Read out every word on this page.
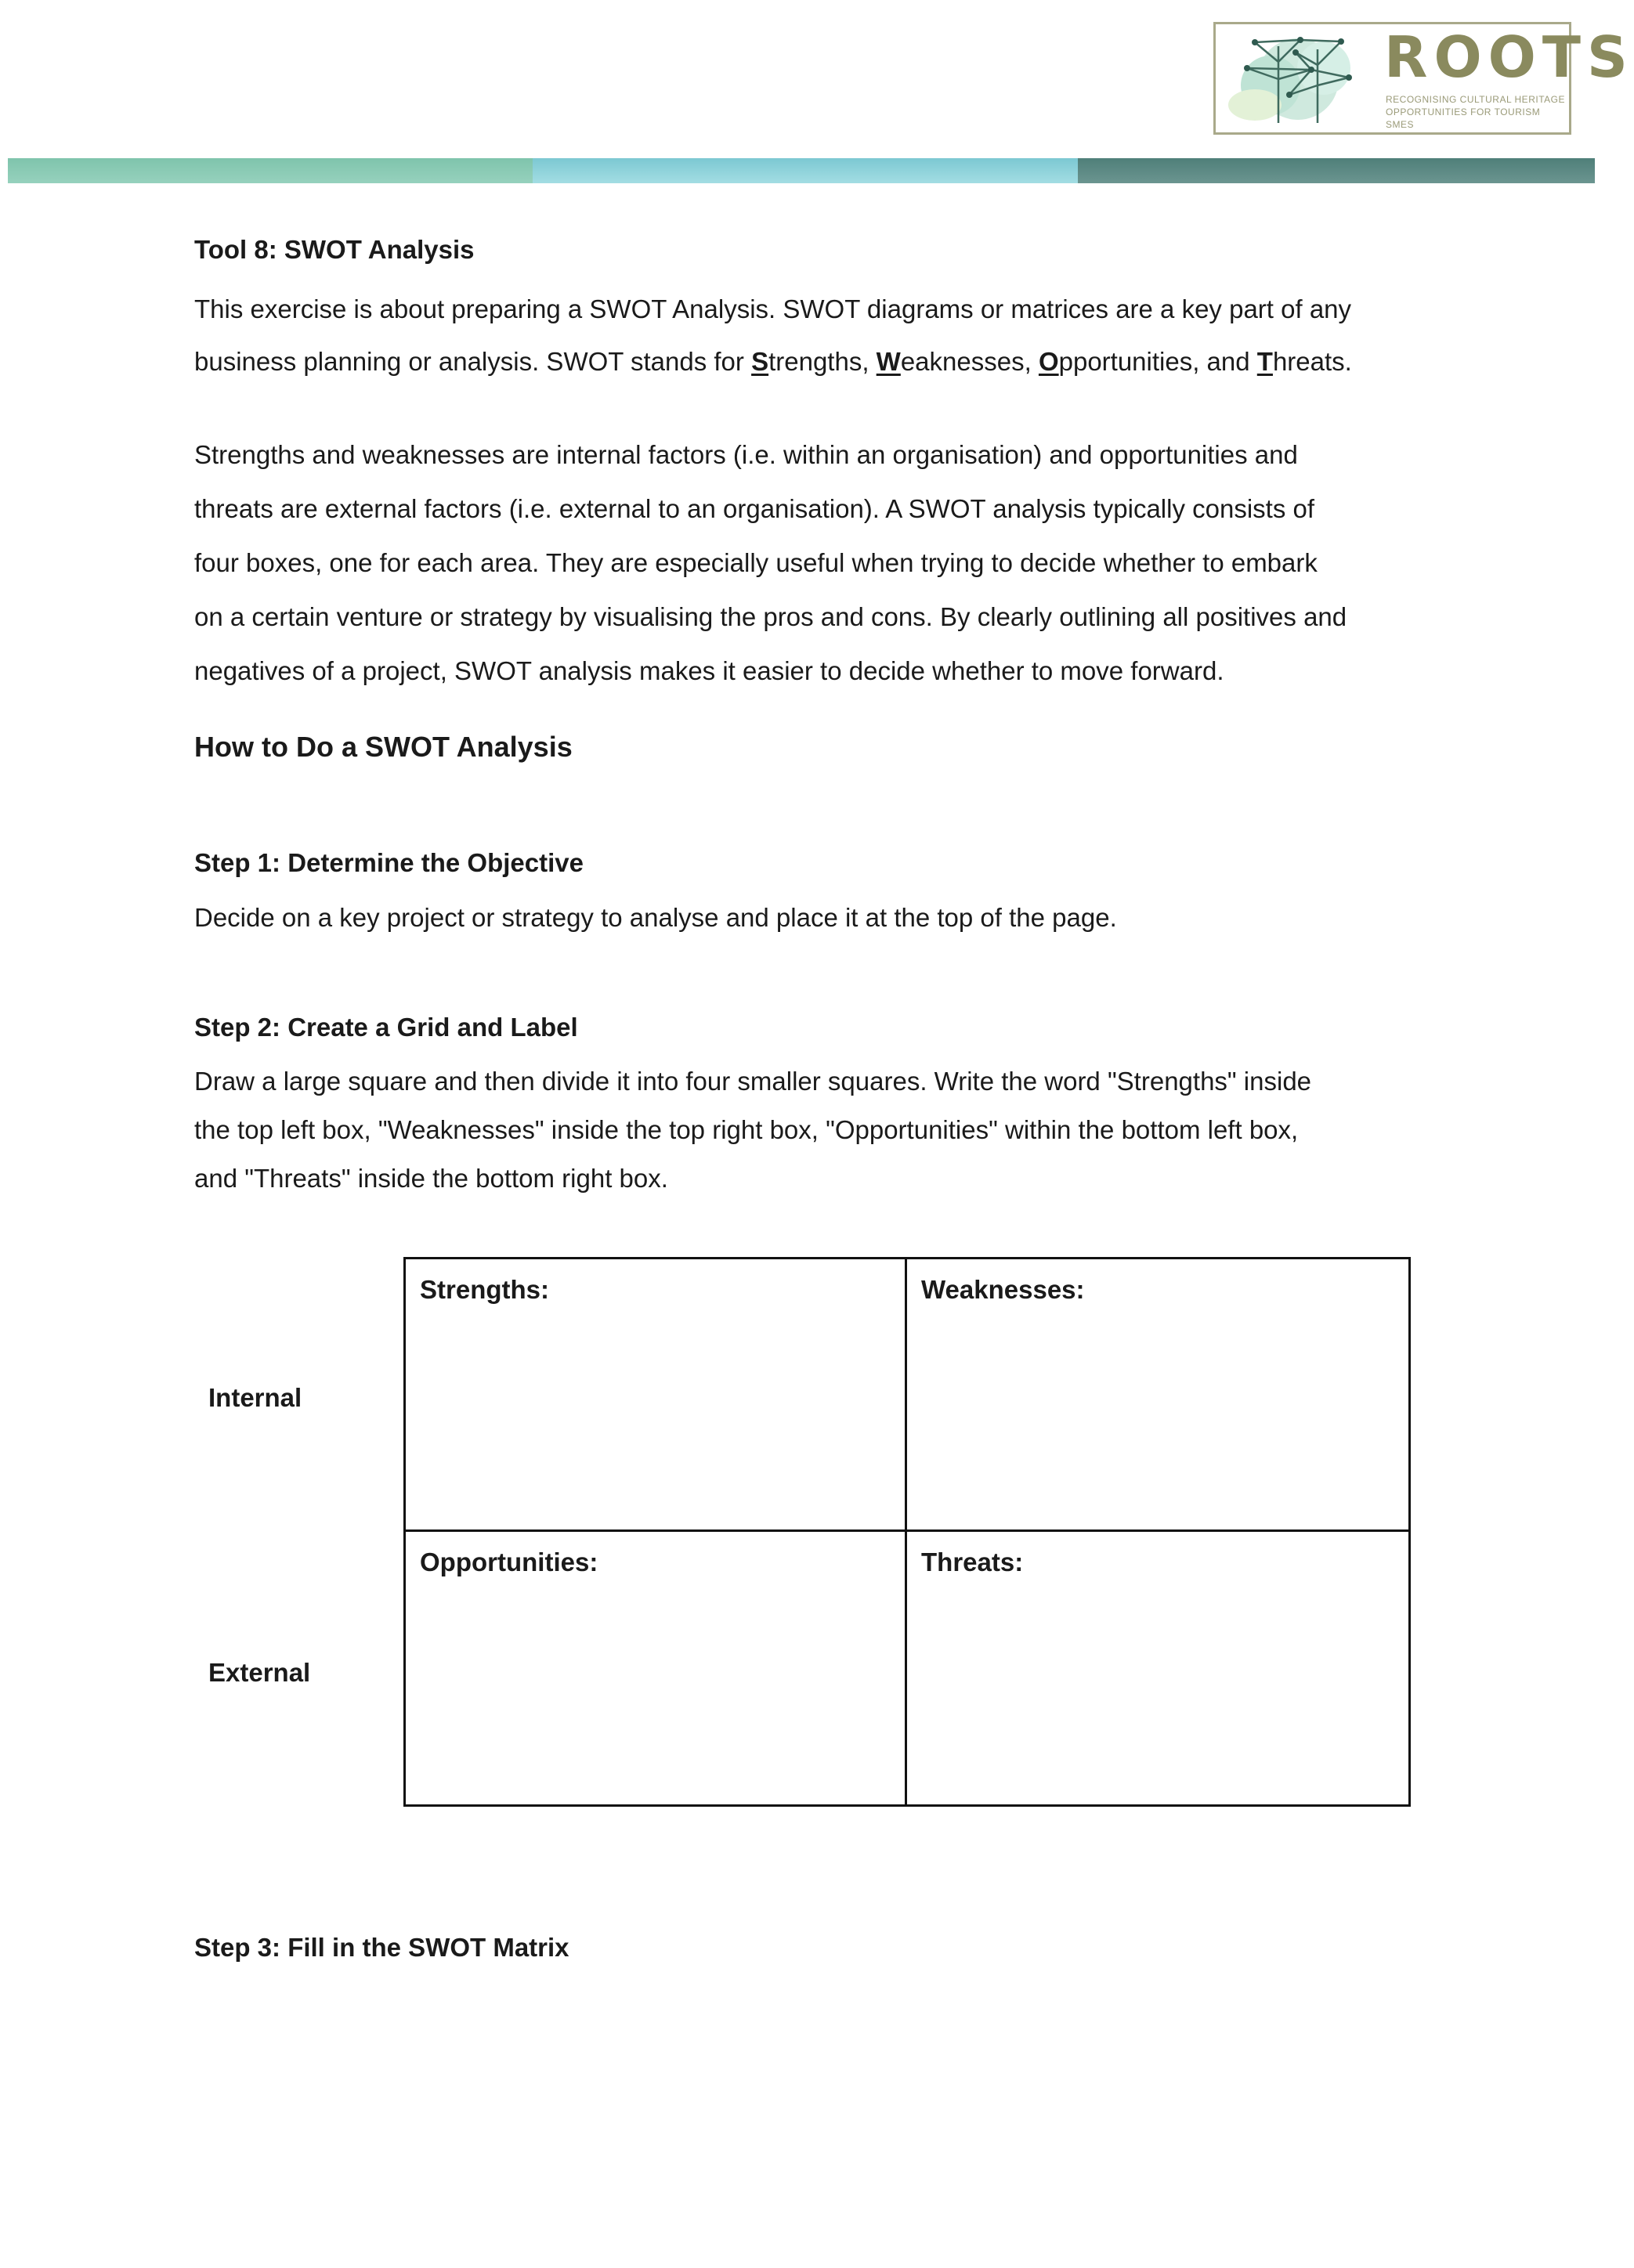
ROOTS
RECOGNISING CULTURAL HERITAGE OPPORTUNITIES FOR TOURISM SMES

Tool 8: SWOT Analysis

This exercise is about preparing a SWOT Analysis. SWOT diagrams or matrices are a key part of any

business planning or analysis. SWOT stands for Strengths, Weaknesses, Opportunities, and Threats.

Strengths and weaknesses are internal factors (i.e. within an organisation) and opportunities and

threats are external factors (i.e. external to an organisation). A SWOT analysis typically consists of

four boxes, one for each area. They are especially useful when trying to decide whether to embark

on a certain venture or strategy by visualising the pros and cons. By clearly outlining all positives and

negatives of a project, SWOT analysis makes it easier to decide whether to move forward.

How to Do a SWOT Analysis

Step 1: Determine the Objective

Decide on a key project or strategy to analyse and place it at the top of the page.

Step 2: Create a Grid and Label

Draw a large square and then divide it into four smaller squares. Write the word "Strengths" inside

the top left box, "Weaknesses" inside the top right box, "Opportunities" within the bottom left box,

and "Threats" inside the bottom right box.

Internal
External
Strengths:	Weaknesses:
Opportunities:	Threats:

Step 3: Fill in the SWOT Matrix
